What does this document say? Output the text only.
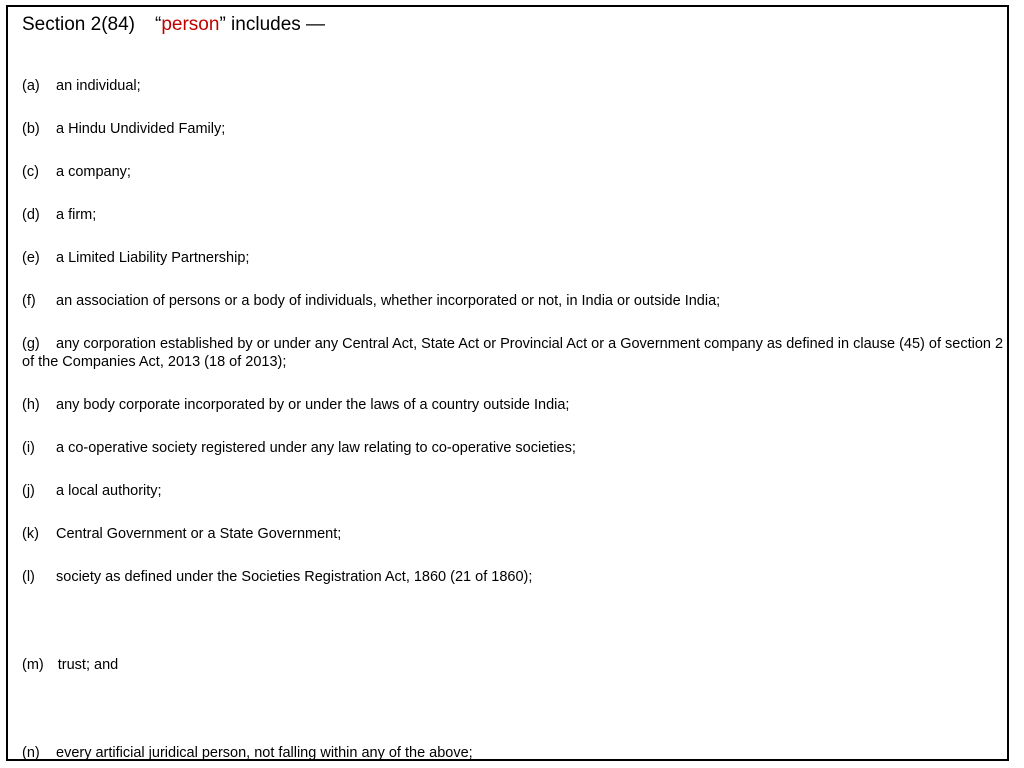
Section 2(84) “person” includes —
(a) an individual;
(b) a Hindu Undivided Family;
(c) a company;
(d) a firm;
(e) a Limited Liability Partnership;
(f) an association of persons or a body of individuals, whether incorporated or not, in India or outside India;
(g) any corporation established by or under any Central Act, State Act or Provincial Act or a Government company as defined in clause (45) of section 2 of the Companies Act, 2013 (18 of 2013);
(h) any body corporate incorporated by or under the laws of a country outside India;
(i) a co-operative society registered under any law relating to co-operative societies;
(j) a local authority;
(k) Central Government or a State Government;
(l) society as defined under the Societies Registration Act, 1860 (21 of 1860);
(m) trust; and
(n) every artificial juridical person, not falling within any of the above;
